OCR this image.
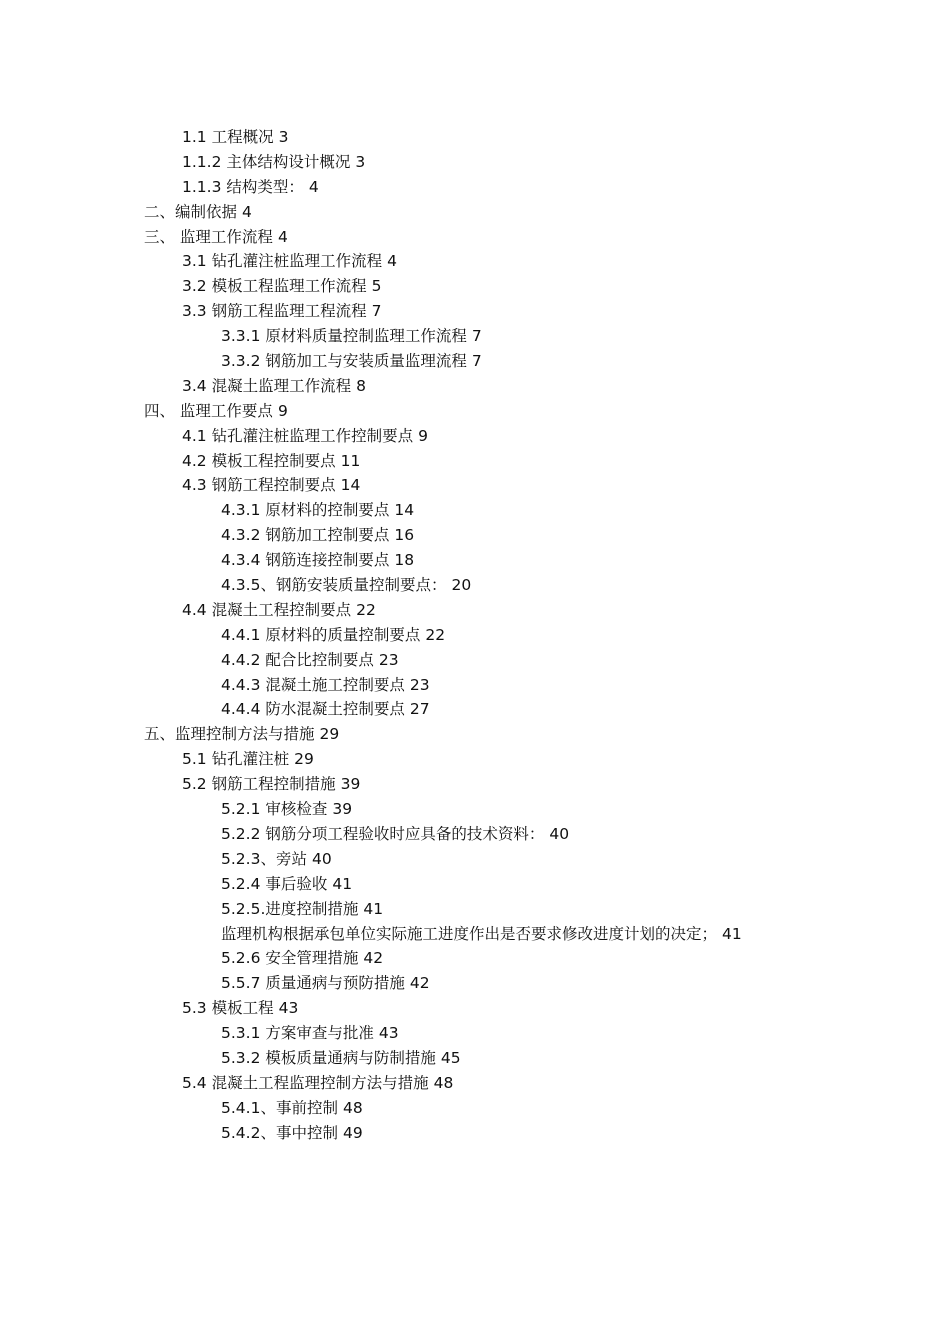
1.1 工程概况 3
1.1.2 主体结构设计概况 3
1.1.3 结构类型： 4
二、编制依据 4
三、 监理工作流程 4
3.1 钻孔灌注桩监理工作流程 4
3.2 模板工程监理工作流程 5
3.3 钢筋工程监理工程流程 7
3.3.1 原材料质量控制监理工作流程 7
3.3.2 钢筋加工与安装质量监理流程 7
3.4 混凝土监理工作流程 8
四、 监理工作要点 9
4.1 钻孔灌注桩监理工作控制要点 9
4.2 模板工程控制要点 11
4.3 钢筋工程控制要点 14
4.3.1 原材料的控制要点 14
4.3.2 钢筋加工控制要点 16
4.3.4 钢筋连接控制要点 18
4.3.5、钢筋安装质量控制要点： 20
4.4 混凝土工程控制要点 22
4.4.1 原材料的质量控制要点 22
4.4.2 配合比控制要点 23
4.4.3 混凝土施工控制要点 23
4.4.4 防水混凝土控制要点 27
五、监理控制方法与措施 29
5.1 钻孔灌注桩 29
5.2 钢筋工程控制措施 39
5.2.1 审核检查 39
5.2.2 钢筋分项工程验收时应具备的技术资料： 40
5.2.3、旁站 40
5.2.4 事后验收 41
5.2.5.进度控制措施 41
监理机构根据承包单位实际施工进度作出是否要求修改进度计划的决定； 41
5.2.6 安全管理措施 42
5.5.7 质量通病与预防措施 42
5.3 模板工程 43
5.3.1 方案审查与批准 43
5.3.2 模板质量通病与防制措施 45
5.4 混凝土工程监理控制方法与措施 48
5.4.1、事前控制 48
5.4.2、事中控制 49
